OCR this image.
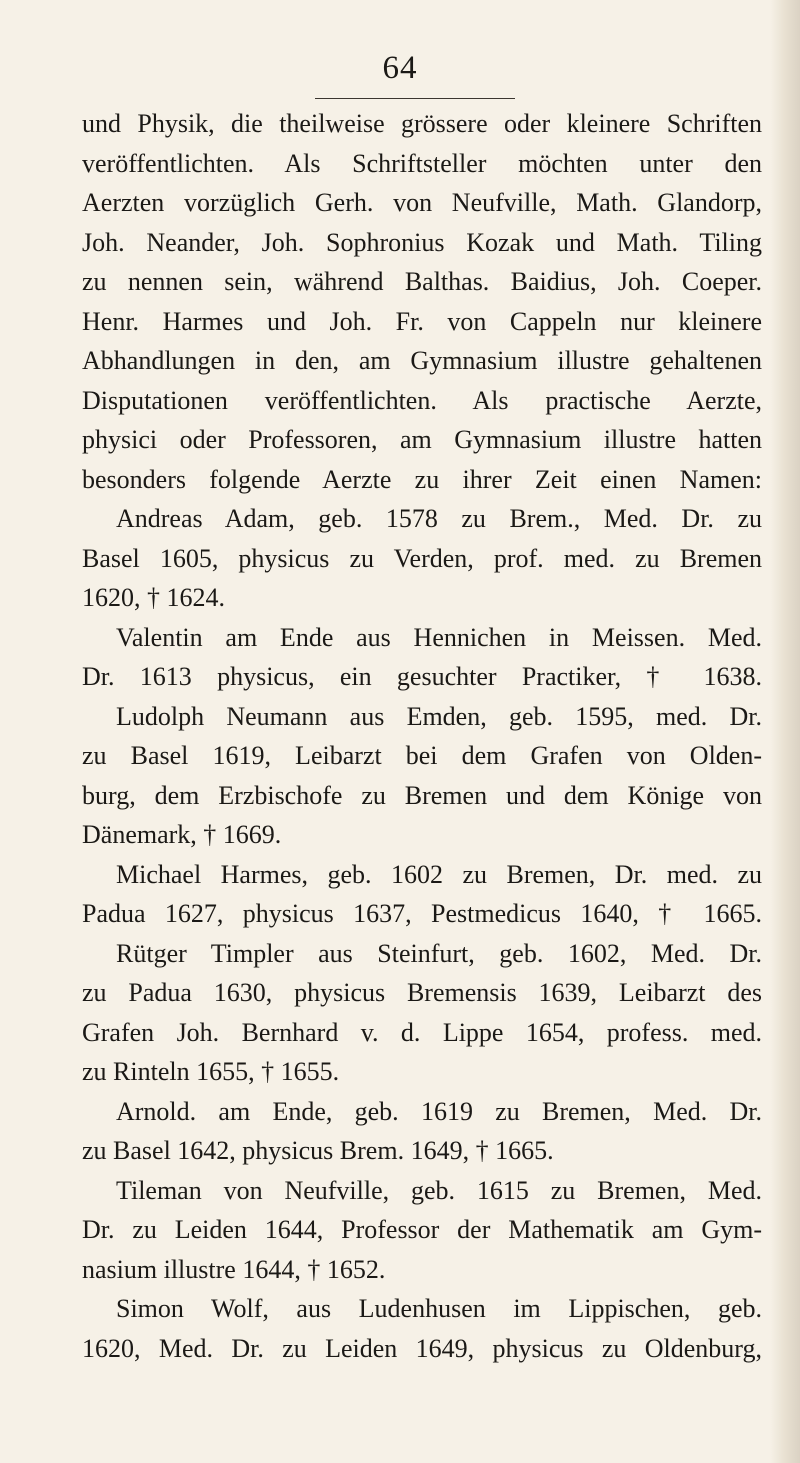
64
und Physik, die theilweise grössere oder kleinere Schriften
veröffentlichten. Als Schriftsteller möchten unter den
Aerzten vorzüglich Gerh. von Neufville, Math. Glandorp,
Joh. Neander, Joh. Sophronius Kozak und Math. Tiling
zu nennen sein, während Balthas. Baidius, Joh. Coeper.
Henr. Harmes und Joh. Fr. von Cappeln nur kleinere
Abhandlungen in den, am Gymnasium illustre gehaltenen
Disputationen veröffentlichten. Als practische Aerzte,
physici oder Professoren, am Gymnasium illustre hatten
besonders folgende Aerzte zu ihrer Zeit einen Namen:
Andreas Adam, geb. 1578 zu Brem., Med. Dr. zu
Basel 1605, physicus zu Verden, prof. med. zu Bremen
1620, † 1624.
Valentin am Ende aus Hennichen in Meissen. Med.
Dr. 1613 physicus, ein gesuchter Practiker, † 1638.
Ludolph Neumann aus Emden, geb. 1595, med. Dr.
zu Basel 1619, Leibarzt bei dem Grafen von Olden-
burg, dem Erzbischofe zu Bremen und dem Könige von
Dänemark, † 1669.
Michael Harmes, geb. 1602 zu Bremen, Dr. med. zu
Padua 1627, physicus 1637, Pestmedicus 1640, † 1665.
Rütger Timpler aus Steinfurt, geb. 1602, Med. Dr.
zu Padua 1630, physicus Bremensis 1639, Leibarzt des
Grafen Joh. Bernhard v. d. Lippe 1654, profess. med.
zu Rinteln 1655, † 1655.
Arnold. am Ende, geb. 1619 zu Bremen, Med. Dr.
zu Basel 1642, physicus Brem. 1649, † 1665.
Tileman von Neufville, geb. 1615 zu Bremen, Med.
Dr. zu Leiden 1644, Professor der Mathematik am Gym-
nasium illustre 1644, † 1652.
Simon Wolf, aus Ludenhusen im Lippischen, geb.
1620, Med. Dr. zu Leiden 1649, physicus zu Oldenburg,
